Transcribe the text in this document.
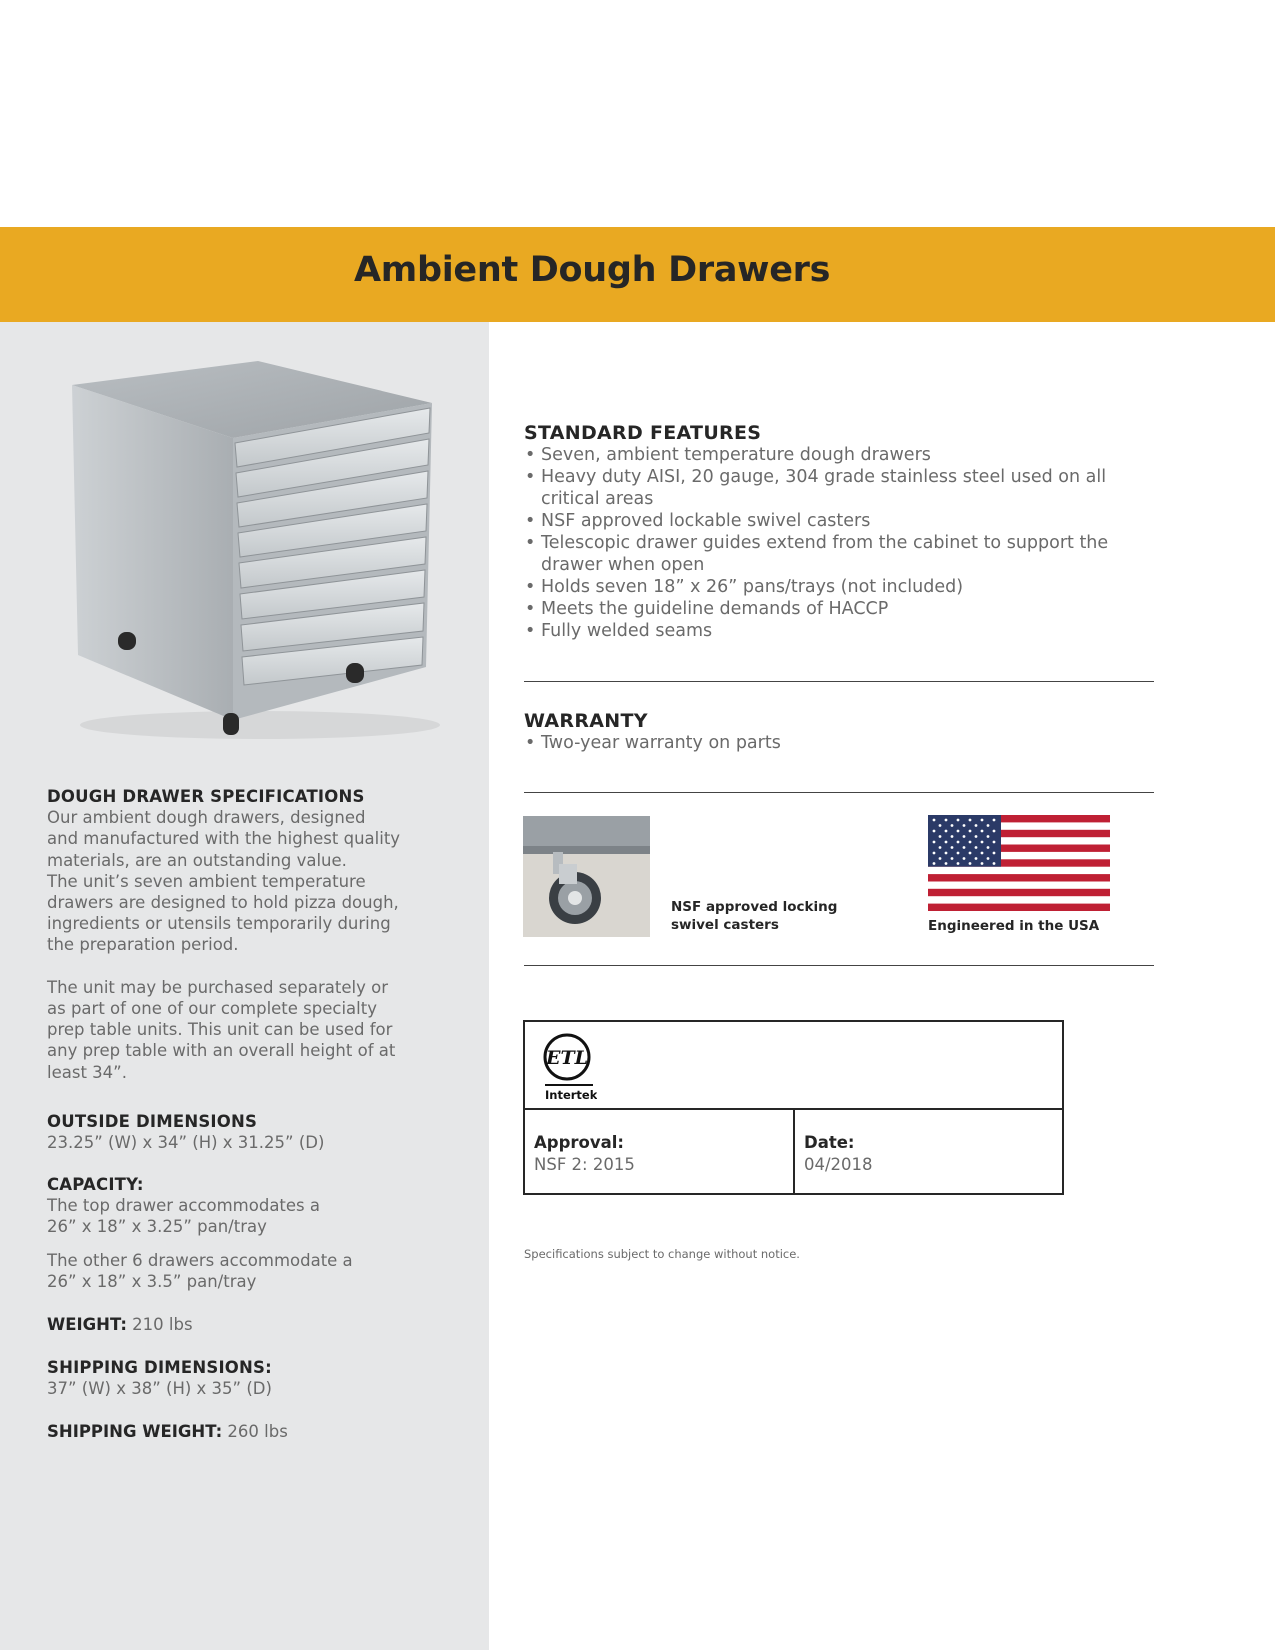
Ambient Dough Drawers

DOUGH DRAWER SPECIFICATIONS

Our ambient dough drawers, designed

and manufactured with the highest quality

materials, are an outstanding value.

The unit’s seven ambient temperature

drawers are designed to hold pizza dough,

ingredients or utensils temporarily during

the preparation period.

The unit may be purchased separately or

as part of one of our complete specialty

prep table units. This unit can be used for

any prep table with an overall height of at

least 34”.

OUTSIDE DIMENSIONS

23.25” (W) x 34” (H) x 31.25” (D)

CAPACITY:

The top drawer accommodates a

26” x 18” x 3.25” pan/tray

The other 6 drawers accommodate a

26” x 18” x 3.5” pan/tray

WEIGHT: 210 lbs

SHIPPING DIMENSIONS:

37” (W) x 38” (H) x 35” (D)

SHIPPING WEIGHT: 260 lbs

STANDARD FEATURES

• Seven, ambient temperature dough drawers
• Heavy duty AISI, 20 gauge, 304 grade stainless steel used on all
critical areas
• NSF approved lockable swivel casters
• Telescopic drawer guides extend from the cabinet to support the
drawer when open
• Holds seven 18” x 26” pans/trays (not included)
• Meets the guideline demands of HACCP
• Fully welded seams

WARRANTY

• Two-year warranty on parts
NSF approved locking
swivel casters	Engineered in the USA
ETL
Intertek
Approval:
NSF 2: 2015
Date:
04/2018
Specifications subject to change without notice.
